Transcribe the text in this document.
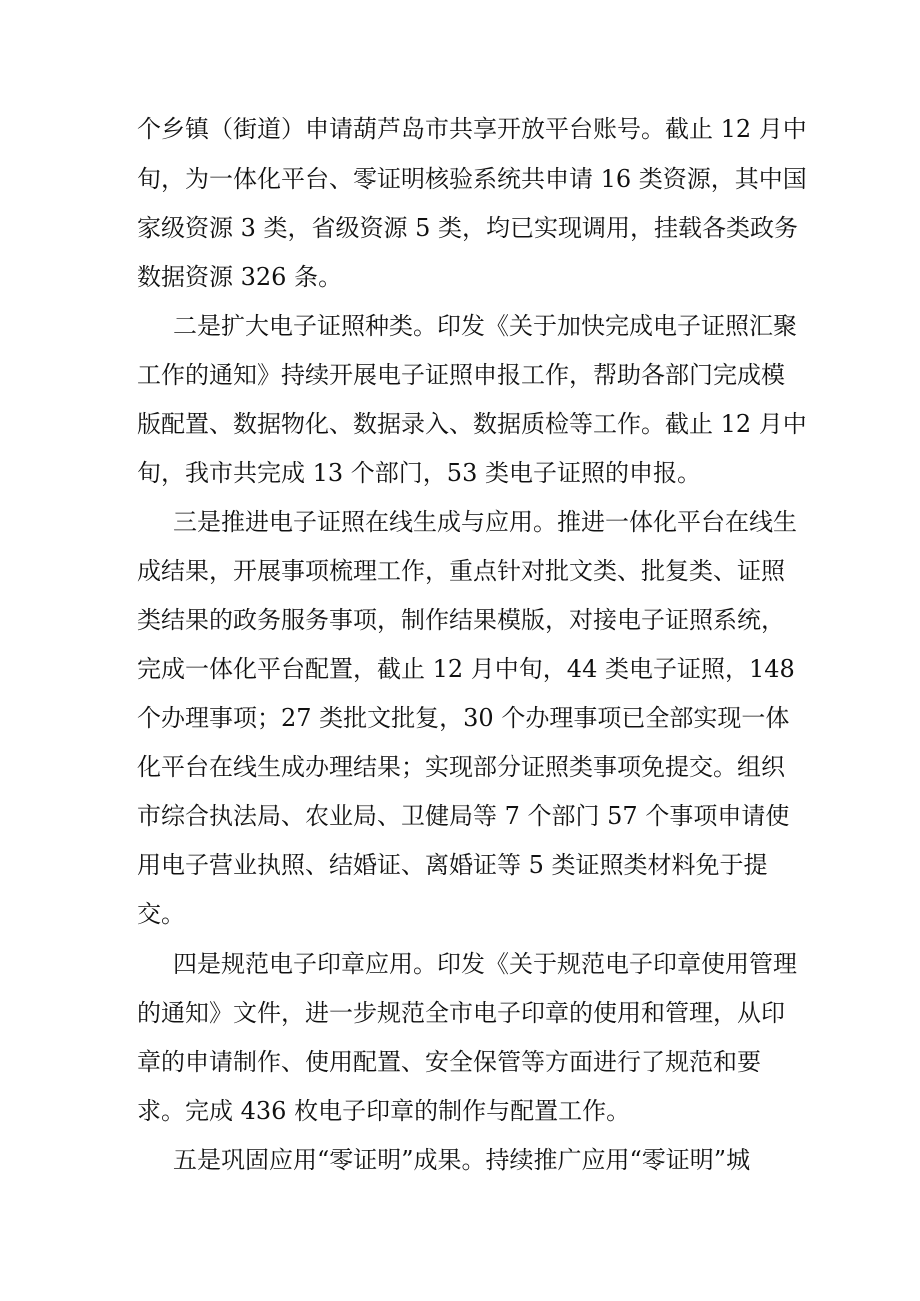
个乡镇（街道）申请葫芦岛市共享开放平台账号。截止 12 月中
旬，为一体化平台、零证明核验系统共申请 16 类资源，其中国
家级资源 3 类，省级资源 5 类，均已实现调用，挂载各类政务
数据资源 326 条。
二是扩大电子证照种类。印发《关于加快完成电子证照汇聚
工作的通知》持续开展电子证照申报工作，帮助各部门完成模
版配置、数据物化、数据录入、数据质检等工作。截止 12 月中
旬，我市共完成 13 个部门，53 类电子证照的申报。
三是推进电子证照在线生成与应用。推进一体化平台在线生
成结果，开展事项梳理工作，重点针对批文类、批复类、证照
类结果的政务服务事项，制作结果模版，对接电子证照系统，
完成一体化平台配置，截止 12 月中旬，44 类电子证照，148
个办理事项；27 类批文批复，30 个办理事项已全部实现一体
化平台在线生成办理结果；实现部分证照类事项免提交。组织
市综合执法局、农业局、卫健局等 7 个部门 57 个事项申请使
用电子营业执照、结婚证、离婚证等 5 类证照类材料免于提
交。
四是规范电子印章应用。印发《关于规范电子印章使用管理
的通知》文件，进一步规范全市电子印章的使用和管理，从印
章的申请制作、使用配置、安全保管等方面进行了规范和要
求。完成 436 枚电子印章的制作与配置工作。
五是巩固应用“零证明”成果。持续推广应用“零证明”城
